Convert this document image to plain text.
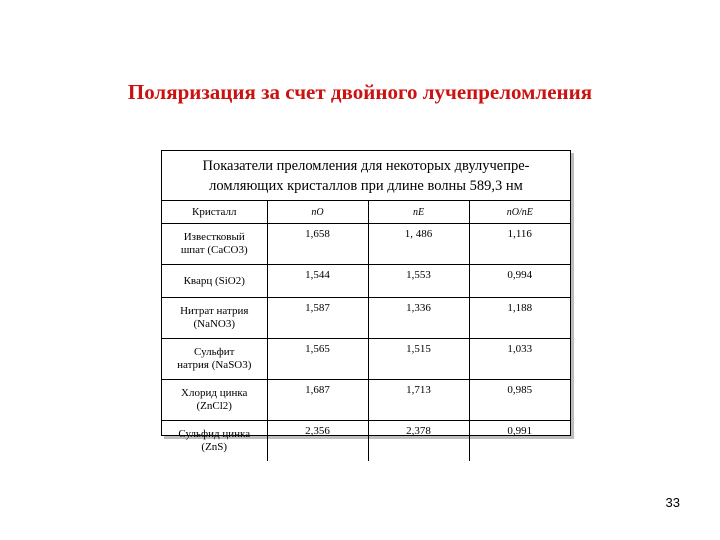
Поляризация за счет двойного лучепреломления
Показатели преломления для некоторых двулучепре-
ломляющих кристаллов при длине волны 589,3 нм
Кристалл	nO	nЕ	nO/nЕ

Известковый
шпат (CaCO3)	1,658	1, 486	1,116

Кварц (SiO2)	1,544	1,553	0,994

Нитрат натрия
(NaNO3)	1,587	1,336	1,188

Сульфит
натрия (NaSO3)	1,565	1,515	1,033

Хлорид цинка
(ZnCl2)	1,687	1,713	0,985

Сульфид цинка
(ZnS)	2,356	2,378	0,991
33
